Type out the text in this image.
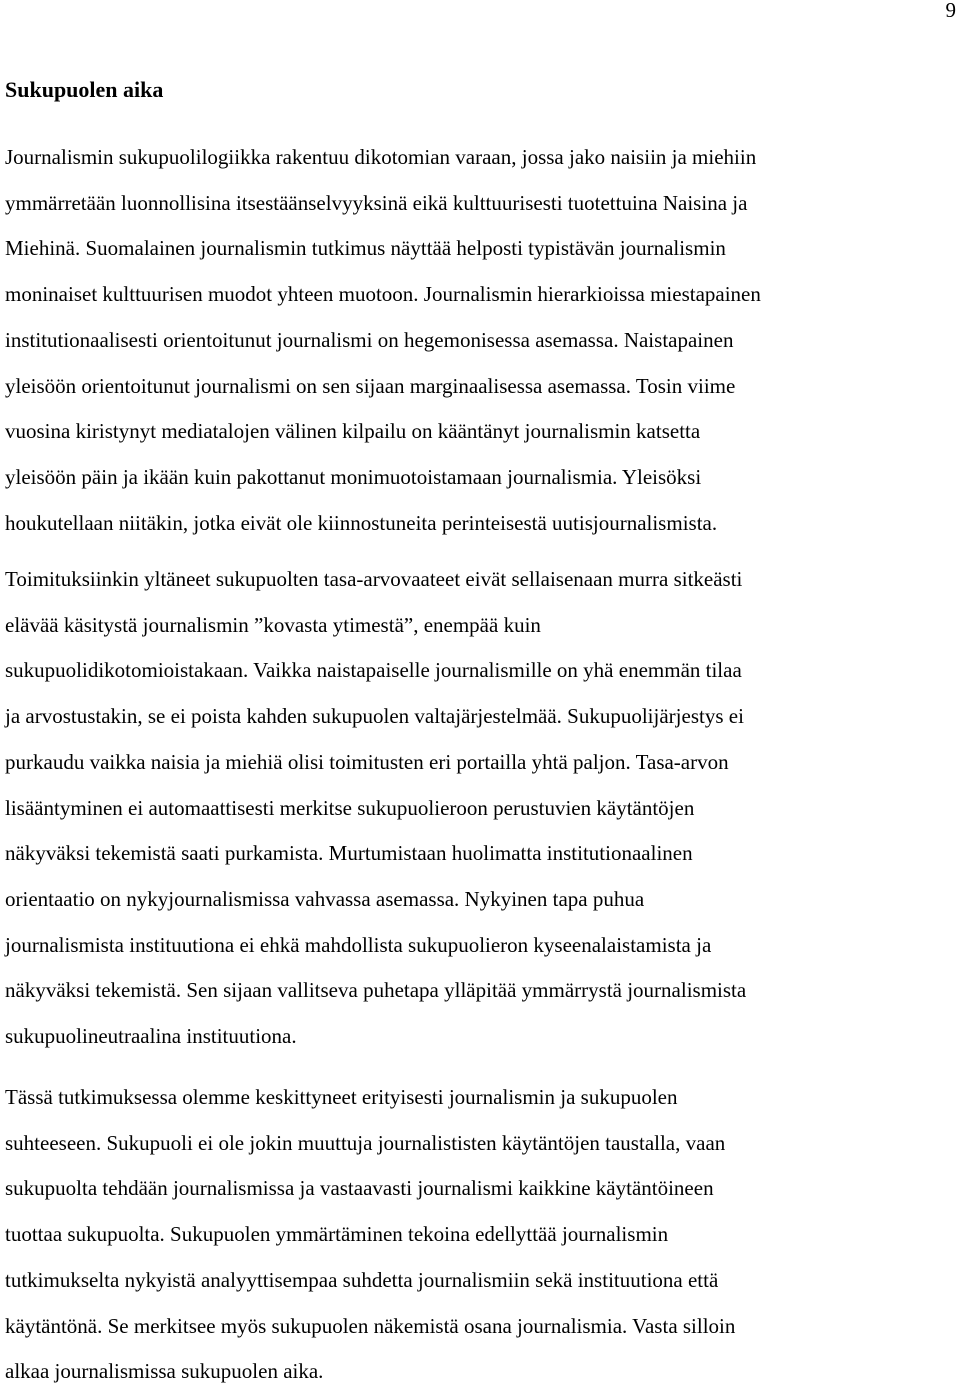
9
Sukupuolen aika
Journalismin sukupuolilogiikka rakentuu dikotomian varaan, jossa jako naisiin ja miehiin
ymmärretään luonnollisina itsestäänselvyyksinä eikä kulttuurisesti tuotettuina Naisina ja
Miehinä. Suomalainen journalismin tutkimus näyttää helposti typistävän journalismin
moninaiset kulttuurisen muodot yhteen muotoon. Journalismin hierarkioissa miestapainen
institutionaalisesti orientoitunut journalismi on hegemonisessa asemassa. Naistapainen
yleisöön orientoitunut journalismi on sen sijaan marginaalisessa asemassa. Tosin viime
vuosina kiristynyt mediatalojen välinen kilpailu on kääntänyt journalismin katsetta
yleisöön päin ja ikään kuin pakottanut monimuotoistamaan journalismia. Yleisöksi
houkutellaan niitäkin, jotka eivät ole kiinnostuneita perinteisestä uutisjournalismista.
Toimituksiinkin yltäneet sukupuolten tasa-arvovaateet eivät sellaisenaan murra sitkeästi
elävää käsitystä journalismin ”kovasta ytimestä”, enempää kuin
sukupuolidikotomioistakaan. Vaikka naistapaiselle journalismille on yhä enemmän tilaa
ja arvostustakin, se ei poista kahden sukupuolen valtajärjestelmää. Sukupuolijärjestys ei
purkaudu vaikka naisia ja miehiä olisi toimitusten eri portailla yhtä paljon. Tasa-arvon
lisääntyminen ei automaattisesti merkitse sukupuolieroon perustuvien käytäntöjen
näkyväksi tekemistä saati purkamista. Murtumistaan huolimatta institutionaalinen
orientaatio on nykyjournalismissa vahvassa asemassa. Nykyinen tapa puhua
journalismista instituutiona ei ehkä mahdollista sukupuolieron kyseenalaistamista ja
näkyväksi tekemistä. Sen sijaan vallitseva puhetapa ylläpitää ymmärrystä journalismista
sukupuolineutraalina instituutiona.
Tässä tutkimuksessa olemme keskittyneet erityisesti journalismin ja sukupuolen
suhteeseen. Sukupuoli ei ole jokin muuttuja journalististen käytäntöjen taustalla, vaan
sukupuolta tehdään journalismissa ja vastaavasti journalismi kaikkine käytäntöineen
tuottaa sukupuolta. Sukupuolen ymmärtäminen tekoina edellyttää journalismin
tutkimukselta nykyistä analyyttisempaa suhdetta journalismiin sekä instituutiona että
käytäntönä. Se merkitsee myös sukupuolen näkemistä osana journalismia. Vasta silloin
alkaa journalismissa sukupuolen aika.
